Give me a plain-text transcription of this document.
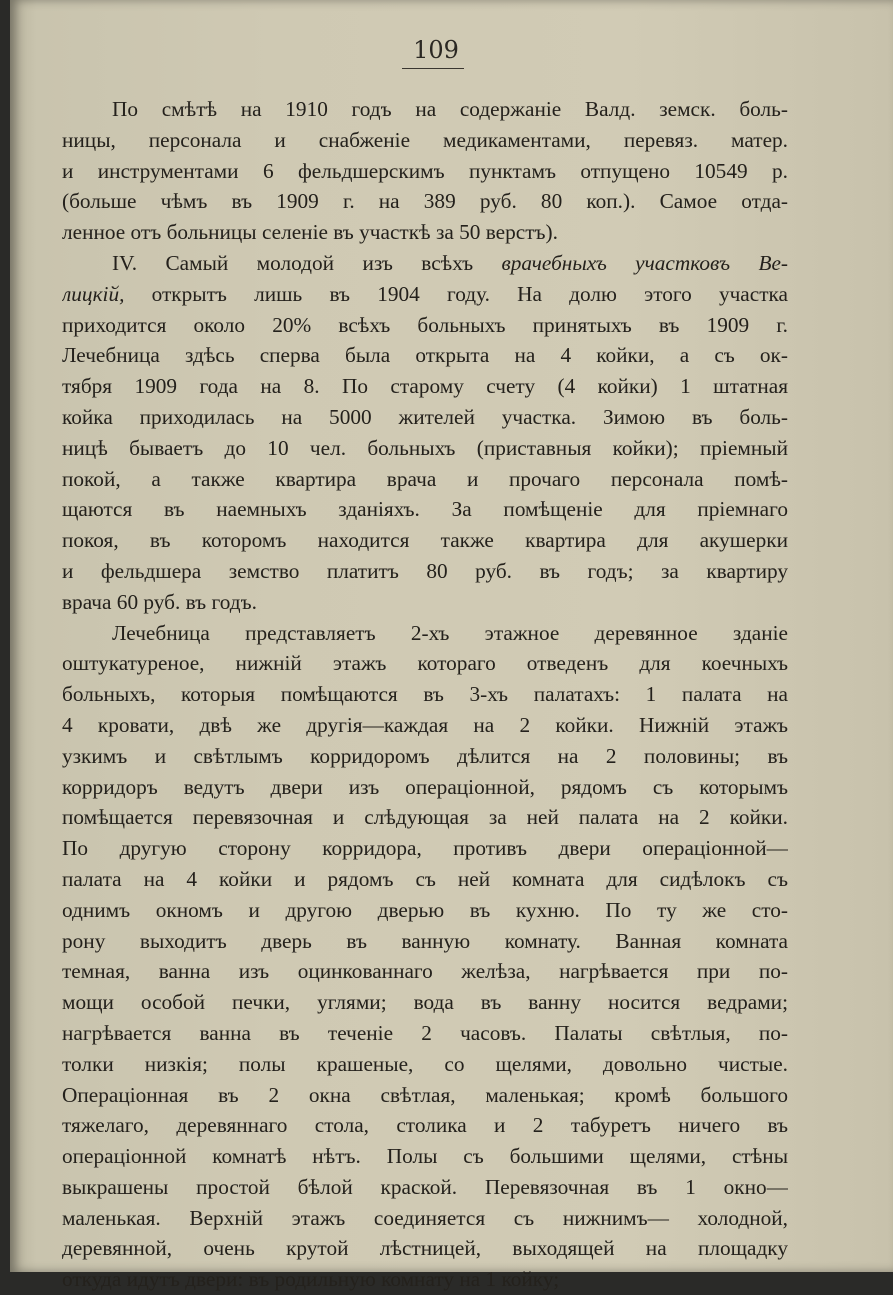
109
По смѣтѣ на 1910 годъ на содержаніе Валд. земск. боль-
ницы, персонала и снабженіе медикаментами, перевяз. матер.
и инструментами 6 фельдшерскимъ пунктамъ отпущено 10549 р.
(больше чѣмъ въ 1909 г. на 389 руб. 80 коп.). Самое отда-
ленное отъ больницы селеніе въ участкѣ за 50 верстъ).
IV. Самый молодой изъ всѣхъ врачебныхъ участковъ Ве-
лицкій, открытъ лишь въ 1904 году. На долю этого участка
приходится около 20% всѣхъ больныхъ принятыхъ въ 1909 г.
Лечебница здѣсь сперва была открыта на 4 койки, а съ ок-
тября 1909 года на 8. По старому счету (4 койки) 1 штатная
койка приходилась на 5000 жителей участка. Зимою въ боль-
ницѣ бываетъ до 10 чел. больныхъ (приставныя койки); пріемный
покой, а также квартира врача и прочаго персонала помѣ-
щаются въ наемныхъ зданіяхъ. За помѣщеніе для пріемнаго
покоя, въ которомъ находится также квартира для акушерки
и фельдшера земство платитъ 80 руб. въ годъ; за квартиру
врача 60 руб. въ годъ.
Лечебница представляетъ 2-хъ этажное деревянное зданіе
оштукатуреное, нижній этажъ котораго отведенъ для коечныхъ
больныхъ, которыя помѣщаются въ 3-хъ палатахъ: 1 палата на
4 кровати, двѣ же другія—каждая на 2 койки. Нижній этажъ
узкимъ и свѣтлымъ корридоромъ дѣлится на 2 половины; въ
корридоръ ведутъ двери изъ операціонной, рядомъ съ которымъ
помѣщается перевязочная и слѣдующая за ней палата на 2 койки.
По другую сторону корридора, противъ двери операціонной—
палата на 4 койки и рядомъ съ ней комната для сидѣлокъ съ
однимъ окномъ и другою дверью въ кухню. По ту же сто-
рону выходитъ дверь въ ванную комнату. Ванная комната
темная, ванна изъ оцинкованнаго желѣза, нагрѣвается при по-
мощи особой печки, углями; вода въ ванну носится ведрами;
нагрѣвается ванна въ теченіе 2 часовъ. Палаты свѣтлыя, по-
толки низкія; полы крашеные, со щелями, довольно чистые.
Операціонная въ 2 окна свѣтлая, маленькая; кромѣ большого
тяжелаго, деревяннаго стола, столика и 2 табуретъ ничего въ
операціонной комнатѣ нѣтъ. Полы съ большими щелями, стѣны
выкрашены простой бѣлой краской. Перевязочная въ 1 окно—
маленькая. Верхній этажъ соединяется съ нижнимъ— холодной,
деревянной, очень крутой лѣстницей, выходящей на площадку
откуда идутъ двери: въ родильную комнату на 1 койку;
